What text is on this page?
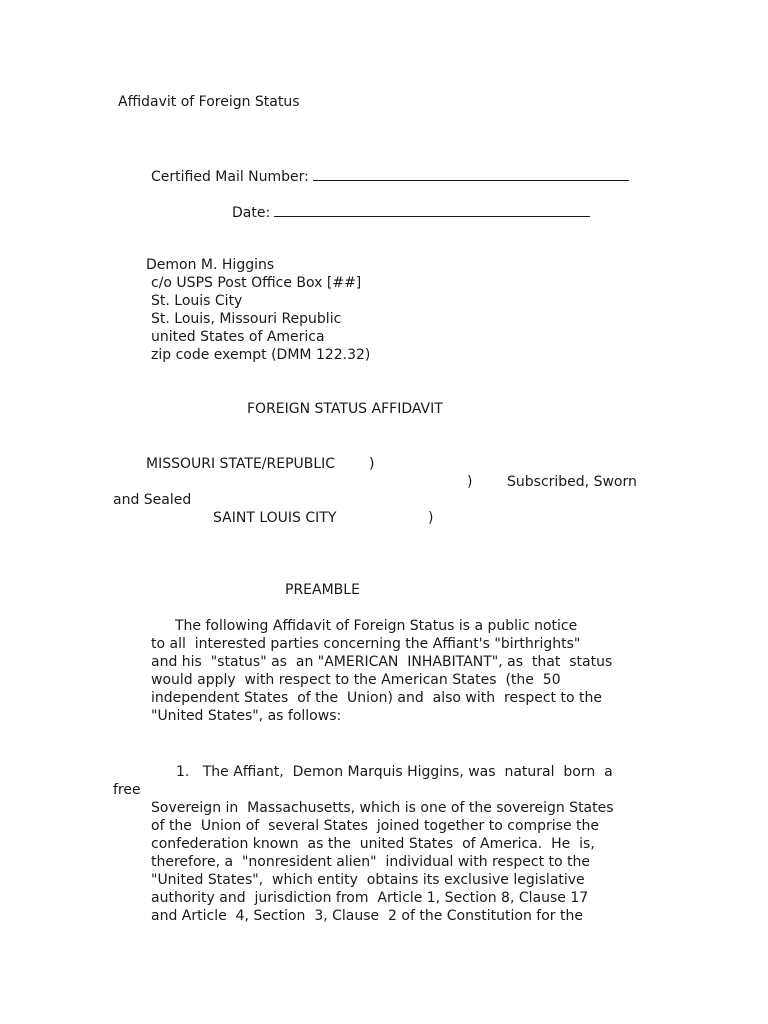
Affidavit of Foreign Status

Certified Mail Number:

Date:

Demon M. Higgins

c/o USPS Post Office Box [##]

St. Louis City

St. Louis, Missouri Republic

united States of America

zip code exempt (DMM 122.32)

FOREIGN STATUS AFFIDAVIT

MISSOURI STATE/REPUBLIC )

) Subscribed, Sworn

and Sealed

SAINT LOUIS CITY	)

PREAMBLE

The following Affidavit of Foreign Status is a public notice

to all  interested parties concerning the Affiant's "birthrights"

and his  "status" as  an "AMERICAN  INHABITANT", as  that  status

would apply  with respect to the American States  (the  50

independent States  of the  Union) and  also with  respect to the

"United States", as follows:

1.   The Affiant,  Demon Marquis Higgins, was  natural  born  a

free

Sovereign in  Massachusetts, which is one of the sovereign States

of the  Union of  several States  joined together to comprise the

confederation known  as the  united States  of America.  He  is,

therefore, a  "nonresident alien"  individual with respect to the

"United States",  which entity  obtains its exclusive legislative

authority and  jurisdiction from  Article 1, Section 8, Clause 17

and Article  4, Section  3, Clause  2 of the Constitution for the
